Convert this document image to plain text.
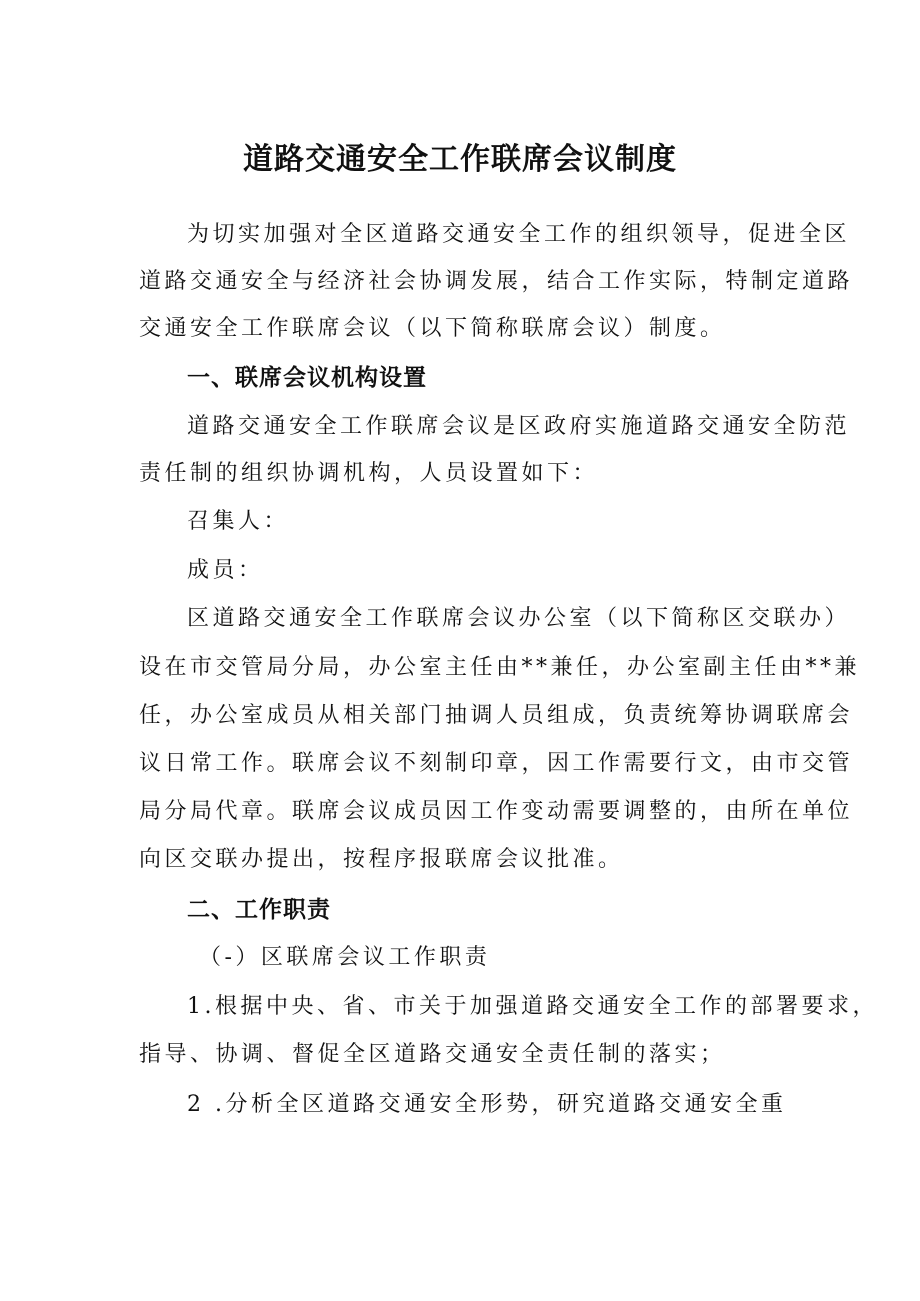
道路交通安全工作联席会议制度
为切实加强对全区道路交通安全工作的组织领导，促进全区
道路交通安全与经济社会协调发展，结合工作实际，特制定道路
交通安全工作联席会议（以下简称联席会议）制度。
一、联席会议机构设置
道路交通安全工作联席会议是区政府实施道路交通安全防范
责任制的组织协调机构，人员设置如下：
召集人：
成员：
区道路交通安全工作联席会议办公室（以下简称区交联办）
设在市交管局分局，办公室主任由**兼任，办公室副主任由**兼
任，办公室成员从相关部门抽调人员组成，负责统筹协调联席会
议日常工作。联席会议不刻制印章，因工作需要行文，由市交管
局分局代章。联席会议成员因工作变动需要调整的，由所在单位
向区交联办提出，按程序报联席会议批准。
二、工作职责
（-）区联席会议工作职责
1.根据中央、省、市关于加强道路交通安全工作的部署要求，
指导、协调、督促全区道路交通安全责任制的落实；
2 .分析全区道路交通安全形势，研究道路交通安全重
